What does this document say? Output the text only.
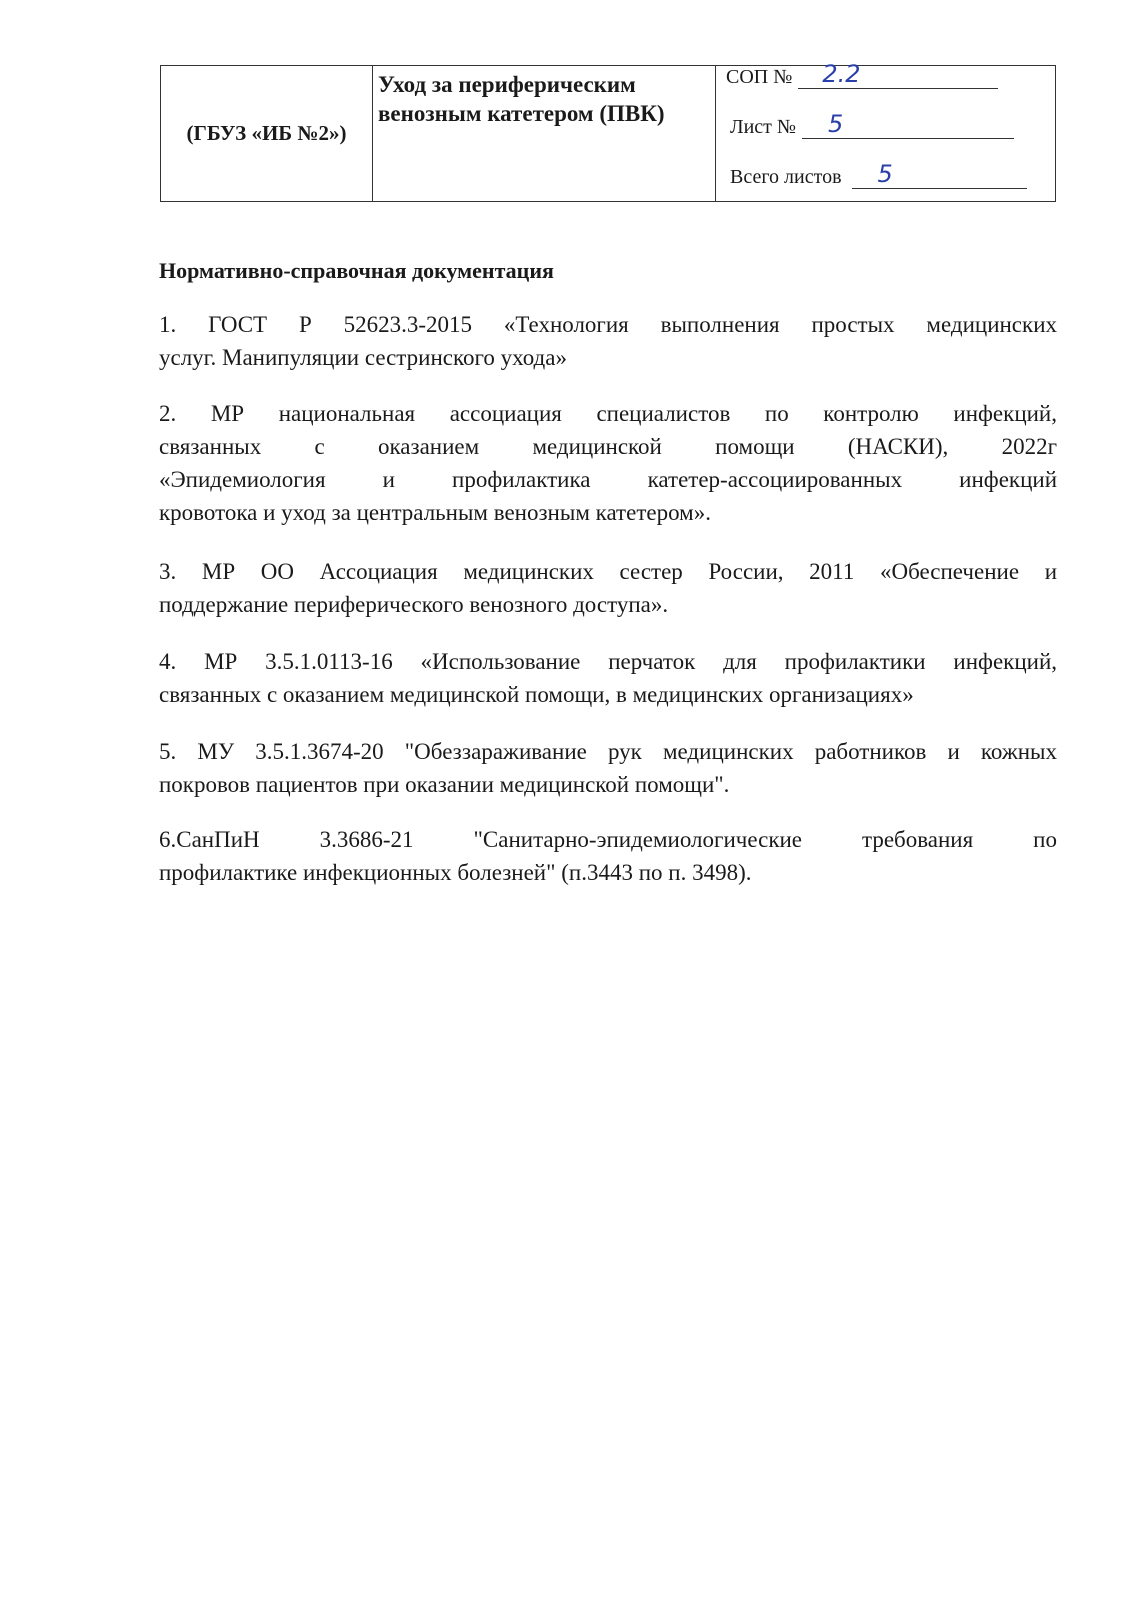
(ГБУЗ «ИБ №2»)
Уход за периферическим
венозным катетером (ПВК)
СОП № 2.2
Лист № 5
Всего листов 5
Нормативно-справочная документация
1. ГОСТ Р 52623.3-2015 «Технология выполнения простых медицинских
услуг. Манипуляции сестринского ухода»
2. МР национальная ассоциация специалистов по контролю инфекций,
связанных с оказанием медицинской помощи (НАСКИ), 2022г
«Эпидемиология и профилактика катетер-ассоциированных инфекций
кровотока и уход за центральным венозным катетером».
3. МР ОО Ассоциация медицинских сестер России, 2011 «Обеспечение и
поддержание периферического венозного доступа».
4. МР 3.5.1.0113-16 «Использование перчаток для профилактики инфекций,
связанных с оказанием медицинской помощи, в медицинских организациях»
5. МУ 3.5.1.3674-20 "Обеззараживание рук медицинских работников и кожных
покровов пациентов при оказании медицинской помощи".
6.СанПиН 3.3686-21 "Санитарно-эпидемиологические требования по
профилактике инфекционных болезней" (п.3443 по п. 3498).
